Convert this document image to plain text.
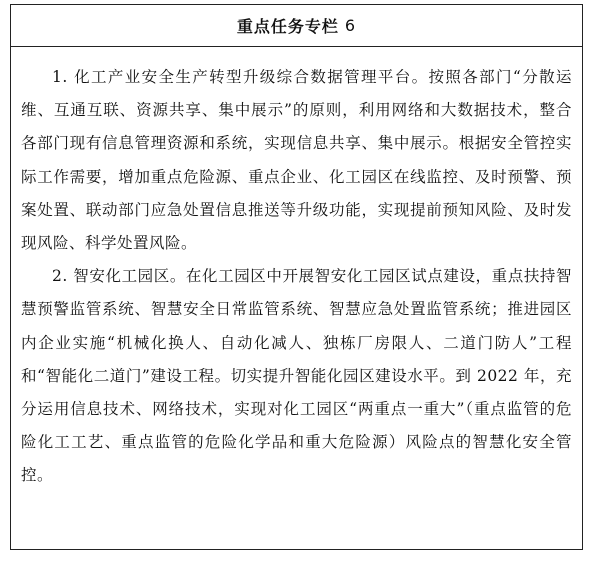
重点任务专栏 6

1. 化工产业安全生产转型升级综合数据管理平台。按照各部门“分散运维、互通互联、资源共享、集中展示”的原则，利用网络和大数据技术，整合各部门现有信息管理资源和系统，实现信息共享、集中展示。根据安全管控实际工作需要，增加重点危险源、重点企业、化工园区在线监控、及时预警、预案处置、联动部门应急处置信息推送等升级功能，实现提前预知风险、及时发现风险、科学处置风险。

2. 智安化工园区。在化工园区中开展智安化工园区试点建设，重点扶持智慧预警监管系统、智慧安全日常监管系统、智慧应急处置监管系统；推进园区内企业实施“机械化换人、自动化减人、独栋厂房限人、二道门防人”工程和“智能化二道门”建设工程。切实提升智能化园区建设水平。到 2022 年，充分运用信息技术、网络技术，实现对化工园区“两重点一重大”（重点监管的危险化工工艺、重点监管的危险化学品和重大危险源）风险点的智慧化安全管控。
